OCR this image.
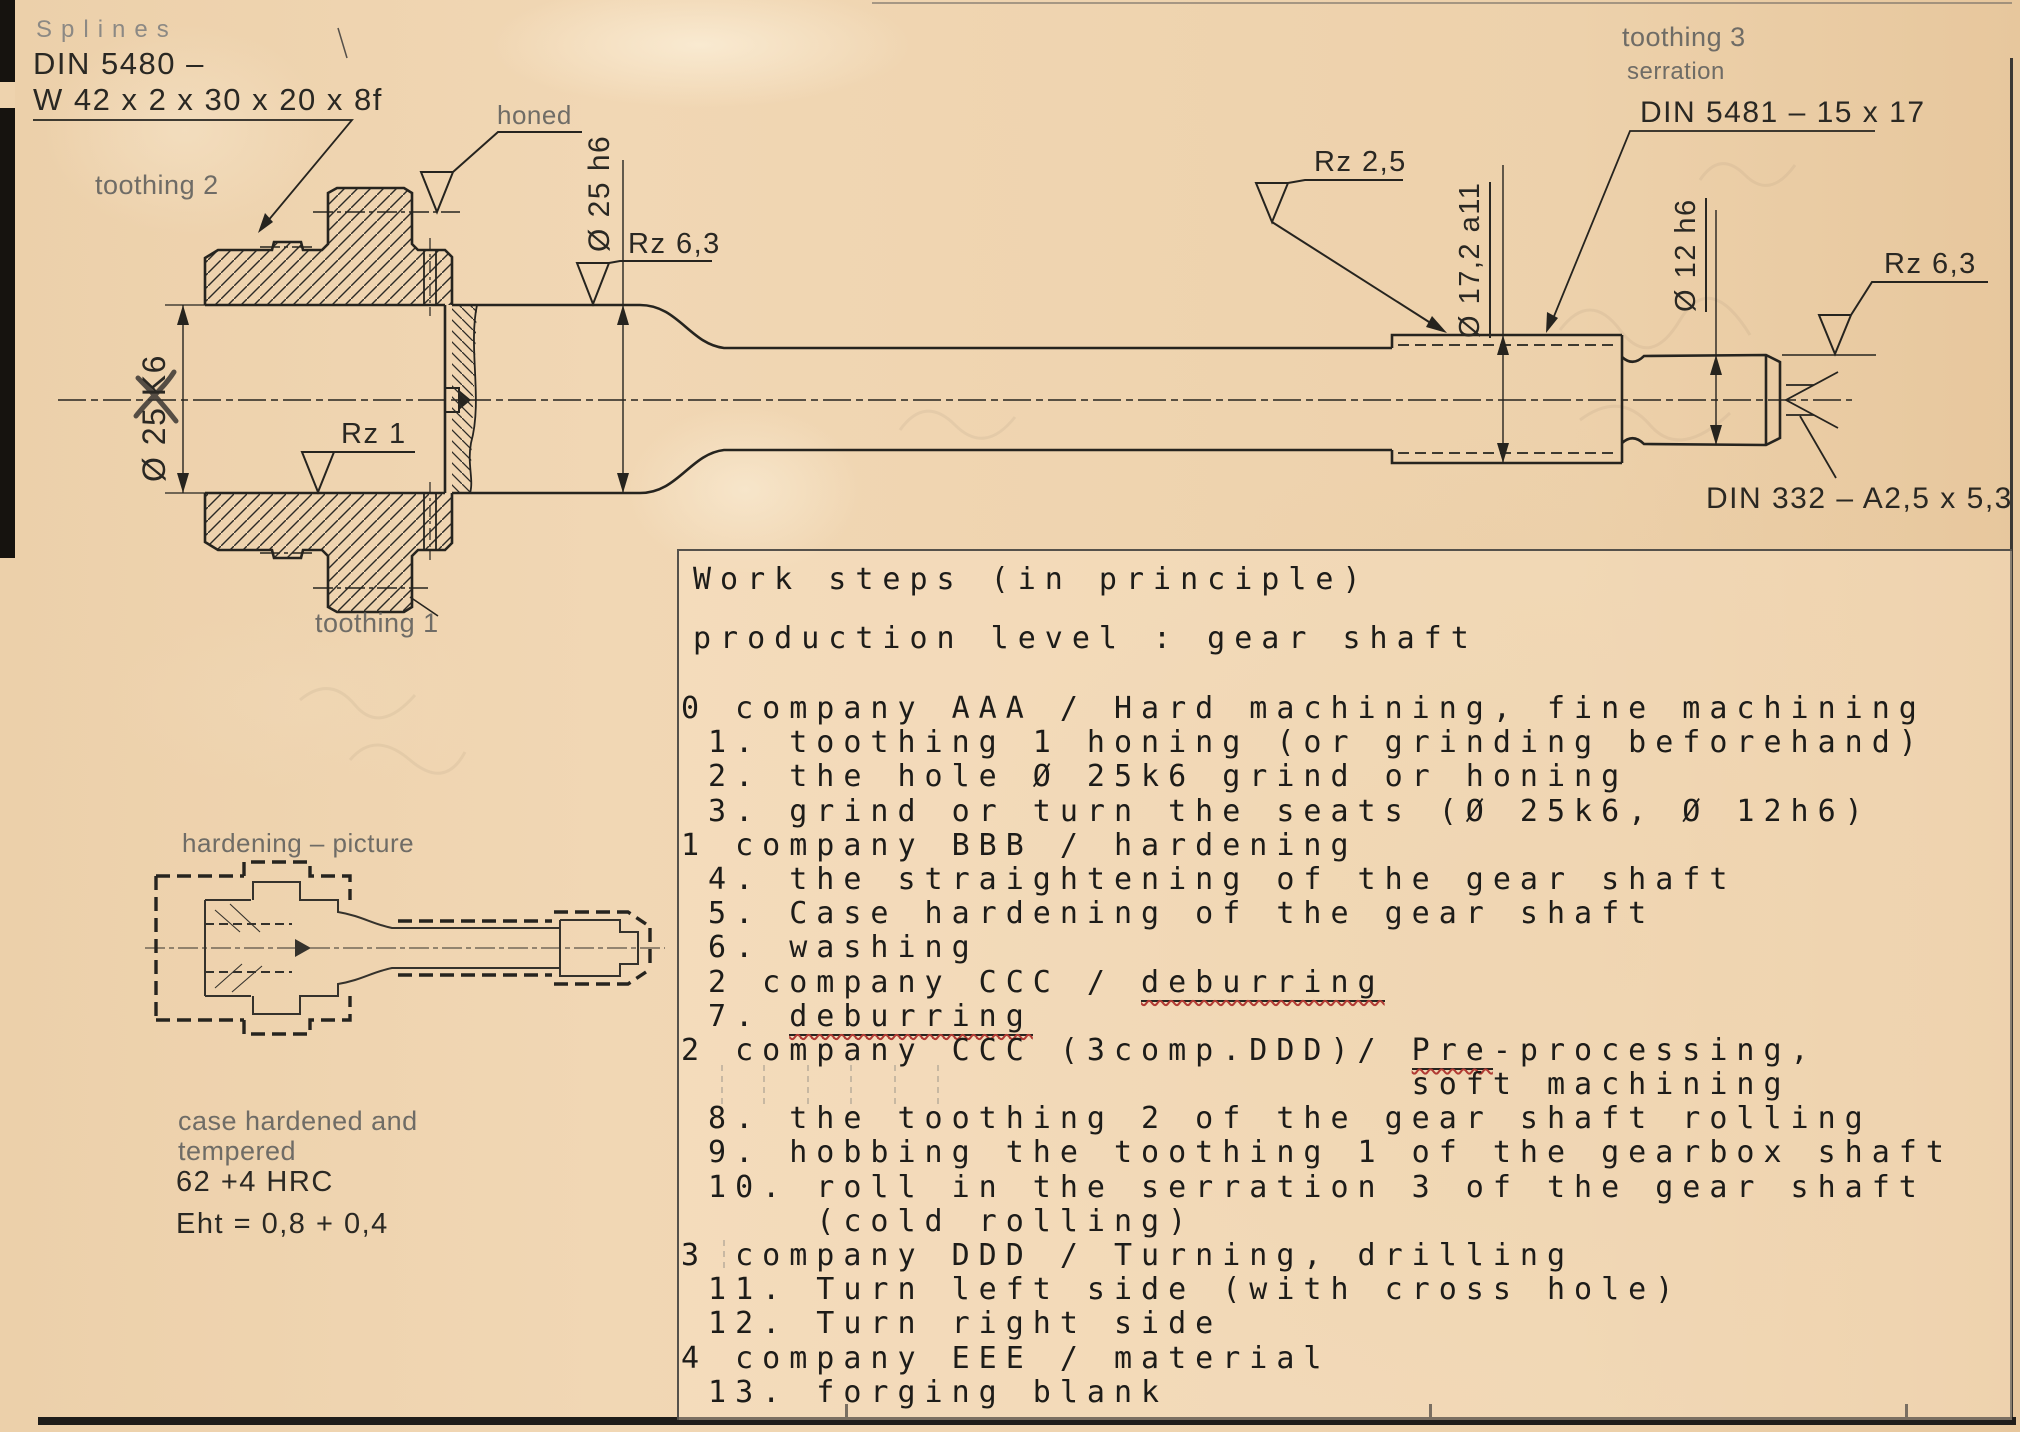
Splines
DIN 5480 –
W 42 x 2 x 30 x 20 x 8f	honed
toothing 2
toothing 1
toothing 3
serration
DIN 5481 – 15 x 17
DIN 332 – A2,5 x 5,3
Ø 25 K6
Ø 25 h6	Ø 17,2 a11	Ø 12 h6
Rz 1
Rz 6,3
Rz 2,5
Rz 6,3
hardening – picture
case hardened and
tempered
62 +4 HRC
Eht = 0,8 + 0,4
Work steps (in principle)
production level : gear shaft
0 company AAA / Hard machining, fine machining
1. toothing 1 honing (or grinding beforehand)
2. the hole Ø 25k6 grind or honing
3. grind or turn the seats (Ø 25k6, Ø 12h6)
1 company BBB / hardening
4. the straightening of the gear shaft
5. Case hardening of the gear shaft
6. washing
2 company CCC / deburring
7. deburring
2 company CCC (3comp.DDD)/ Pre-processing,
soft machining
8. the toothing 2 of the gear shaft rolling
9. hobbing the toothing 1 of the gearbox shaft
10. roll in the serration 3 of the gear shaft
(cold rolling)
3 company DDD / Turning, drilling
11. Turn left side (with cross hole)
12. Turn right side
4 company EEE / material
13. forging blank
